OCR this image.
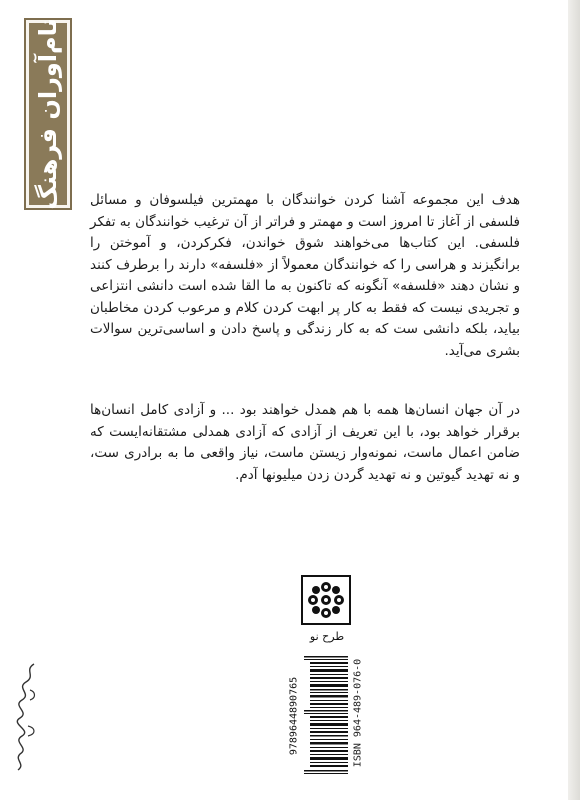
نام‌آوران فرهنگ هدف این مجموعه آشنا کردن خوانندگان با مهمترین فیلسوفان و مسائل فلسفی از آغاز تا امروز است و مهمتر و فراتر از آن ترغیب خوانندگان به تفکر فلسفی. این کتاب‌ها می‌خواهند شوق خواندن، فکرکردن، و آموختن را برانگیزند و هراسی را که خوانندگان معمولاً از «فلسفه» دارند را برطرف کنند و نشان دهند «فلسفه» آنگونه که تاکنون به ما القا شده است دانشی انتزاعی و تجریدی نیست که فقط به کار پر ابهت کردن کلام و مرعوب کردن مخاطبان بیاید، بلکه دانشی ست که به کار زندگی و پاسخ دادن و اساسی‌ترین سوالات بشری می‌آید.

در آن جهان انسان‌ها همه با هم همدل خواهند بود ... و آزادی کامل انسان‌ها برقرار خواهد بود، با این تعریف از آزادی که آزادی همدلی مشتقانه‌ایست که ضامن اعمال ماست، نمونه‌وار زیستن ماست، نیاز واقعی ما به برادری ست، و نه تهدید گیوتین و نه تهدید گردن زدن میلیونها آدم.

طرح نو
ISBN 964-489-076-0
9789644890765
